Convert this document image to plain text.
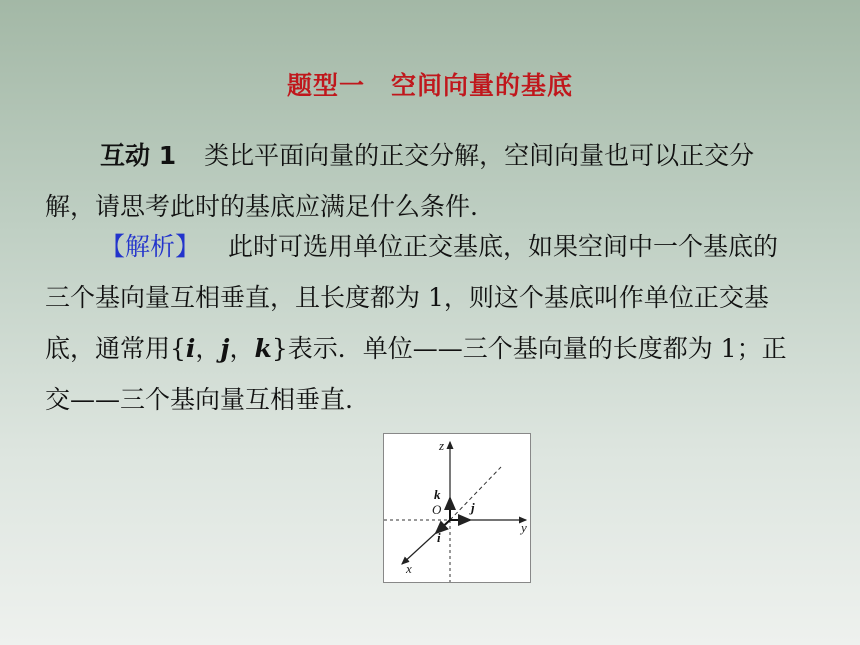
题型一 空间向量的基底
互动 1 类比平面向量的正交分解，空间向量也可以正交分
解，请思考此时的基底应满足什么条件.
【解析】 此时可选用单位正交基底，如果空间中一个基底的
三个基向量互相垂直，且长度都为 1，则这个基底叫作单位正交基
底，通常用{i，j，k}表示．单位——三个基向量的长度都为 1；正
交——三个基向量互相垂直.
z
y
x
O
k
j
i
